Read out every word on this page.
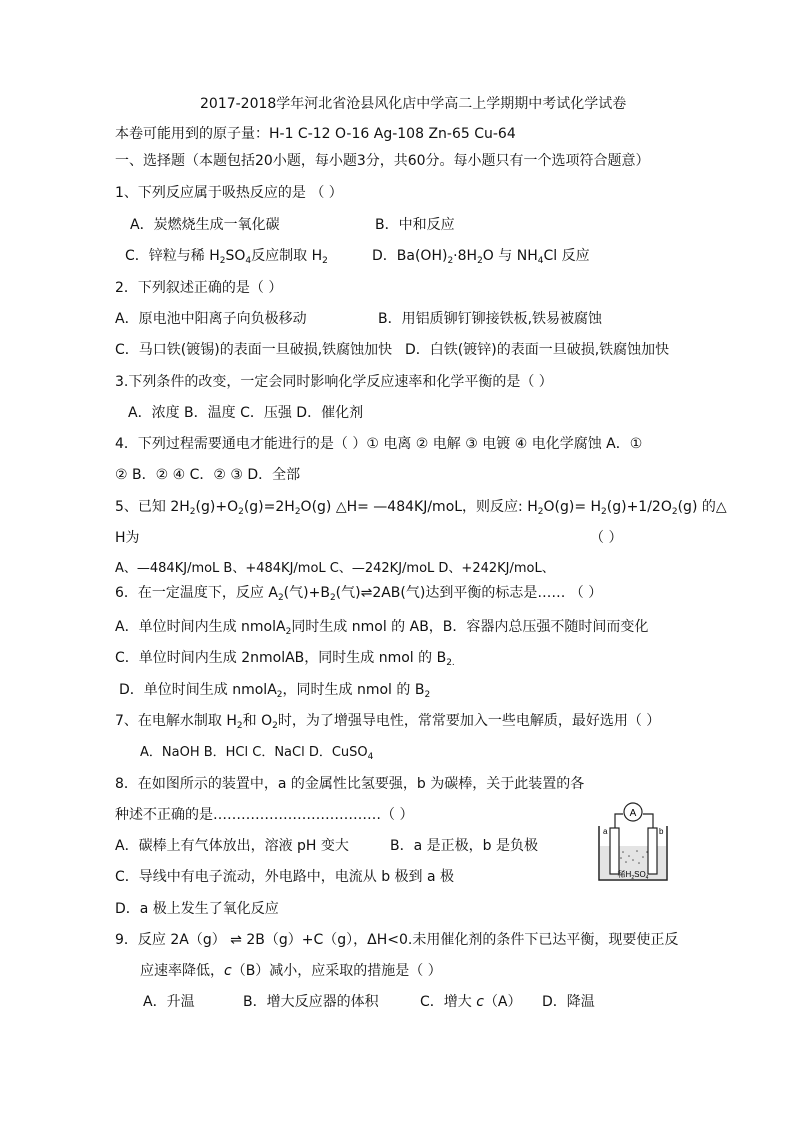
2017-2018学年河北省沧县风化店中学高二上学期期中考试化学试卷
本卷可能用到的原子量：H-1 C-12 O-16 Ag-108 Zn-65 Cu-64
一、选择题（本题包括20小题，每小题3分，共60分。每小题只有一个选项符合题意）
1、下列反应属于吸热反应的是 （ ）
A．炭燃烧生成一氧化碳	B．中和反应
C．锌粒与稀 $H_2SO_4$反应制取 $H_2$	D．$Ba(OH)_2\cdot 8H_2O$ 与 $NH_4Cl$ 反应
2．下列叙述正确的是（ ）
A．原电池中阳离子向负极移动	B．用铝质铆钉铆接铁板,铁易被腐蚀
C．马口铁(镀锡)的表面一旦破损,铁腐蚀加快 D．白铁(镀锌)的表面一旦破损,铁腐蚀加快
3.下列条件的改变，一定会同时影响化学反应速率和化学平衡的是（ ）
A．浓度 B．温度 C．压强 D．催化剂
4．下列过程需要通电才能进行的是（ ）① 电离 ② 电解 ③ 电镀 ④ 电化学腐蚀 A．①
② B．② ④ C．② ③ D．全部
5、已知 $2H_2(g)+O_2(g)=2H_2O(g)$ △H= —484KJ/moL，则反应: $H_2O(g)= H_2(g)+1/2O_2(g)$ 的△
H为	（ ）
A、—484KJ/moL B、+484KJ/moL C、—242KJ/moL D、+242KJ/moL、
6．在一定温度下，反应 $A_2$(气)$+B_2$(气)⇌2AB(气)达到平衡的标志是…… （ ）
A．单位时间内生成 nmolA$_2$同时生成 nmol 的 AB，B．容器内总压强不随时间而变化
C．单位时间内生成 2nmolAB，同时生成 nmol 的 $B_{2.}$
D．单位时间生成 nmolA$_2$，同时生成 nmol 的 $B_2$
7、在电解水制取 $H_2$和 $O_2$时，为了增强导电性，常常要加入一些电解质，最好选用（ ）
A．NaOH B．HCl C．NaCl D．CuSO$_4$
8．在如图所示的装置中，a 的金属性比氢要强，b 为碳棒，关于此装置的各
种述不正确的是………………………………（ ）
A．碳棒上有气体放出，溶液 pH 变大	B．a 是正极，b 是负极
C．导线中有电子流动，外电路中，电流从 b 极到 a 极
D．a 极上发生了氧化反应
A
a	b
稀$H_2SO_4$
9．反应 2A（g） ⇌ 2B（g）+C（g），ΔH<0.未用催化剂的条件下已达平衡，现要使正反
应速率降低，c（B）减小，应采取的措施是（ ）
A．升温	B．增大反应器的体积	C．增大 c（A） D．降温
